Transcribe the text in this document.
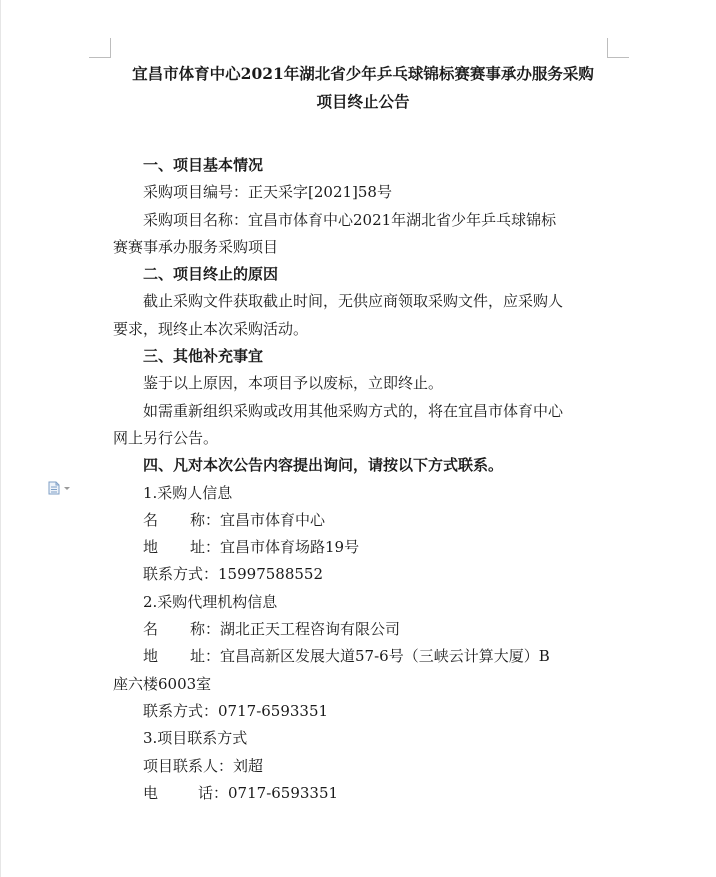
宜昌市体育中心2021年湖北省少年乒乓球锦标赛赛事承办服务采购
项目终止公告

一、项目基本情况

采购项目编号：正天采字[2021]58号

采购项目名称：宜昌市体育中心2021年湖北省少年乒乓球锦标

赛赛事承办服务采购项目

二、项目终止的原因

截止采购文件获取截止时间，无供应商领取采购文件，应采购人

要求，现终止本次采购活动。

三、其他补充事宜

鉴于以上原因，本项目予以废标，立即终止。

如需重新组织采购或改用其他采购方式的，将在宜昌市体育中心

网上另行公告。

四、凡对本次公告内容提出询问，请按以下方式联系。

1.采购人信息

名 称：宜昌市体育中心

地 址：宜昌市体育场路19号

联系方式：15997588552

2.采购代理机构信息

名 称：湖北正天工程咨询有限公司

地 址：宜昌高新区发展大道57-6号（三峡云计算大厦）B

座六楼6003室

联系方式：0717-6593351

3.项目联系方式

项目联系人：刘超

电	话：0717-6593351
